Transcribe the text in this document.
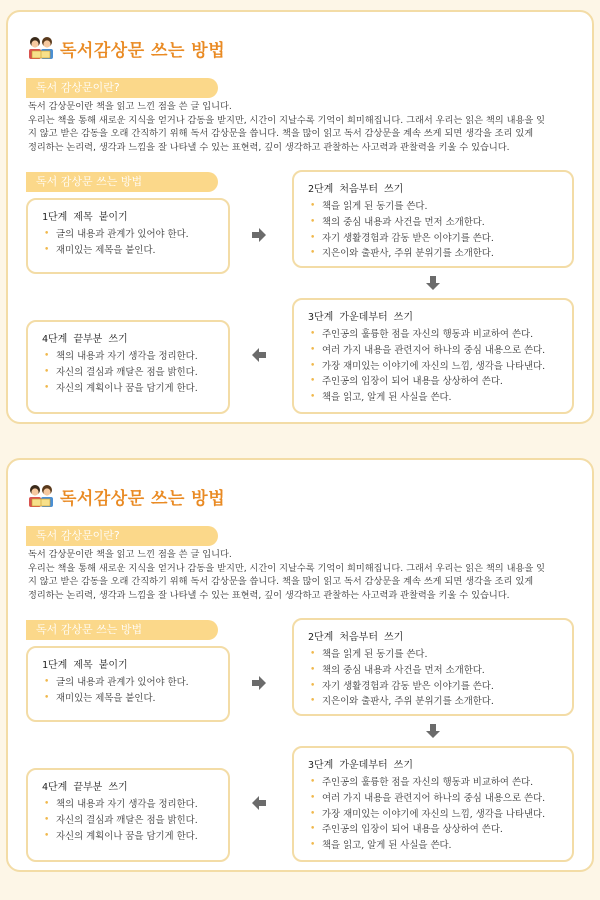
독서감상문 쓰는 방법
독서 감상문이란?

독서 감상문이란 책을 읽고 느낀 점을 쓴 글 입니다.

우리는 책을 통해 새로운 지식을 얻거나 감동을 받지만, 시간이 지날수록 기억이 희미해집니다. 그래서 우리는 읽은 책의 내용을 잊

지 않고 받은 감동을 오래 간직하기 위해 독서 감상문을 씁니다. 책을 많이 읽고 독서 감상문을 계속 쓰게 되면 생각을 조리 있게

정리하는 논리력, 생각과 느낌을 잘 나타낼 수 있는 표현력, 깊이 생각하고 관찰하는 사고력과 관찰력을 키울 수 있습니다.

독서 감상문 쓰는 방법
1단계 제목 붙이기
• 글의 내용과 관계가 있어야 한다.
• 재미있는 제목을 붙인다.
2단계 처음부터 쓰기
• 책을 읽게 된 동기를 쓴다.
• 책의 중심 내용과 사건을 먼저 소개한다.
• 자기 생활경험과 감동 받은 이야기를 쓴다.
• 지은이와 출판사, 주위 분위기를 소개한다.
3단계 가운데부터 쓰기
• 주인공의 훌륭한 점을 자신의 행동과 비교하여 쓴다.
• 여러 가지 내용을 관련지어 하나의 중심 내용으로 쓴다.
• 가장 재미있는 이야기에 자신의 느낌, 생각을 나타낸다.
• 주인공의 입장이 되어 내용을 상상하여 쓴다.
• 책을 읽고, 알게 된 사실을 쓴다.
4단계 끝부분 쓰기
• 책의 내용과 자기 생각을 정리한다.
• 자신의 결심과 깨달은 점을 밝힌다.
• 자신의 계획이나 꿈을 담기게 한다.
독서감상문 쓰는 방법
독서 감상문이란?

독서 감상문이란 책을 읽고 느낀 점을 쓴 글 입니다.

우리는 책을 통해 새로운 지식을 얻거나 감동을 받지만, 시간이 지날수록 기억이 희미해집니다. 그래서 우리는 읽은 책의 내용을 잊

지 않고 받은 감동을 오래 간직하기 위해 독서 감상문을 씁니다. 책을 많이 읽고 독서 감상문을 계속 쓰게 되면 생각을 조리 있게

정리하는 논리력, 생각과 느낌을 잘 나타낼 수 있는 표현력, 깊이 생각하고 관찰하는 사고력과 관찰력을 키울 수 있습니다.

독서 감상문 쓰는 방법
1단계 제목 붙이기
• 글의 내용과 관계가 있어야 한다.
• 재미있는 제목을 붙인다.
2단계 처음부터 쓰기
• 책을 읽게 된 동기를 쓴다.
• 책의 중심 내용과 사건을 먼저 소개한다.
• 자기 생활경험과 감동 받은 이야기를 쓴다.
• 지은이와 출판사, 주위 분위기를 소개한다.
3단계 가운데부터 쓰기
• 주인공의 훌륭한 점을 자신의 행동과 비교하여 쓴다.
• 여러 가지 내용을 관련지어 하나의 중심 내용으로 쓴다.
• 가장 재미있는 이야기에 자신의 느낌, 생각을 나타낸다.
• 주인공의 입장이 되어 내용을 상상하여 쓴다.
• 책을 읽고, 알게 된 사실을 쓴다.
4단계 끝부분 쓰기
• 책의 내용과 자기 생각을 정리한다.
• 자신의 결심과 깨달은 점을 밝힌다.
• 자신의 계획이나 꿈을 담기게 한다.
